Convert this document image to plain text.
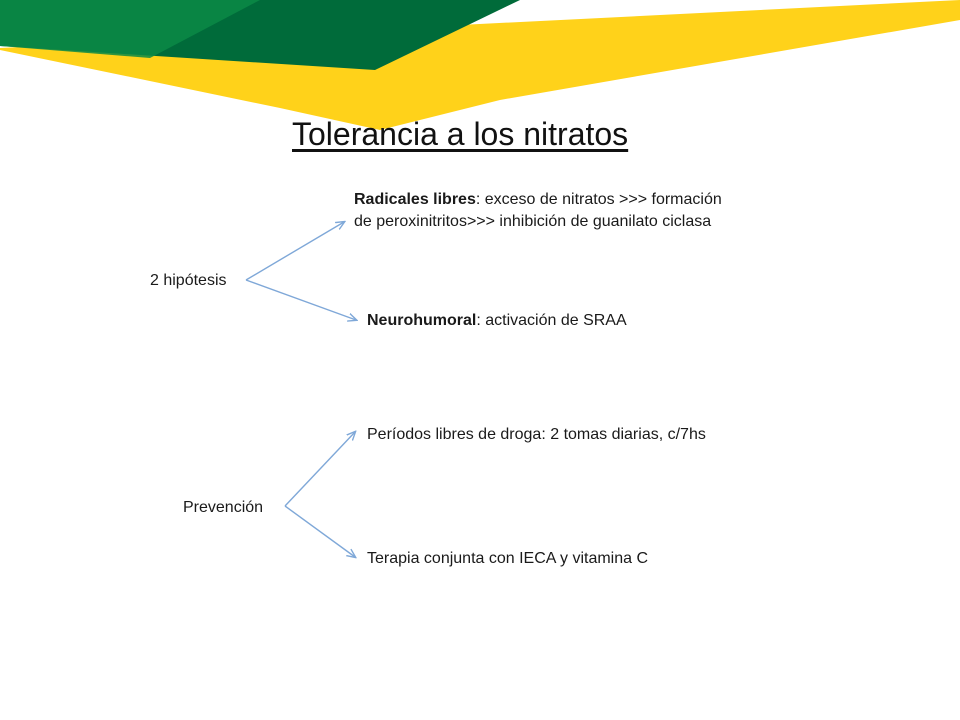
Tolerancia a los nitratos
2 hipótesis
Radicales libres: exceso de nitratos >>> formación de peroxinitritos>>> inhibición de guanilato ciclasa
Neurohumoral: activación de SRAA
Prevención
Períodos libres de droga: 2 tomas diarias, c/7hs
Terapia conjunta con IECA y vitamina C
